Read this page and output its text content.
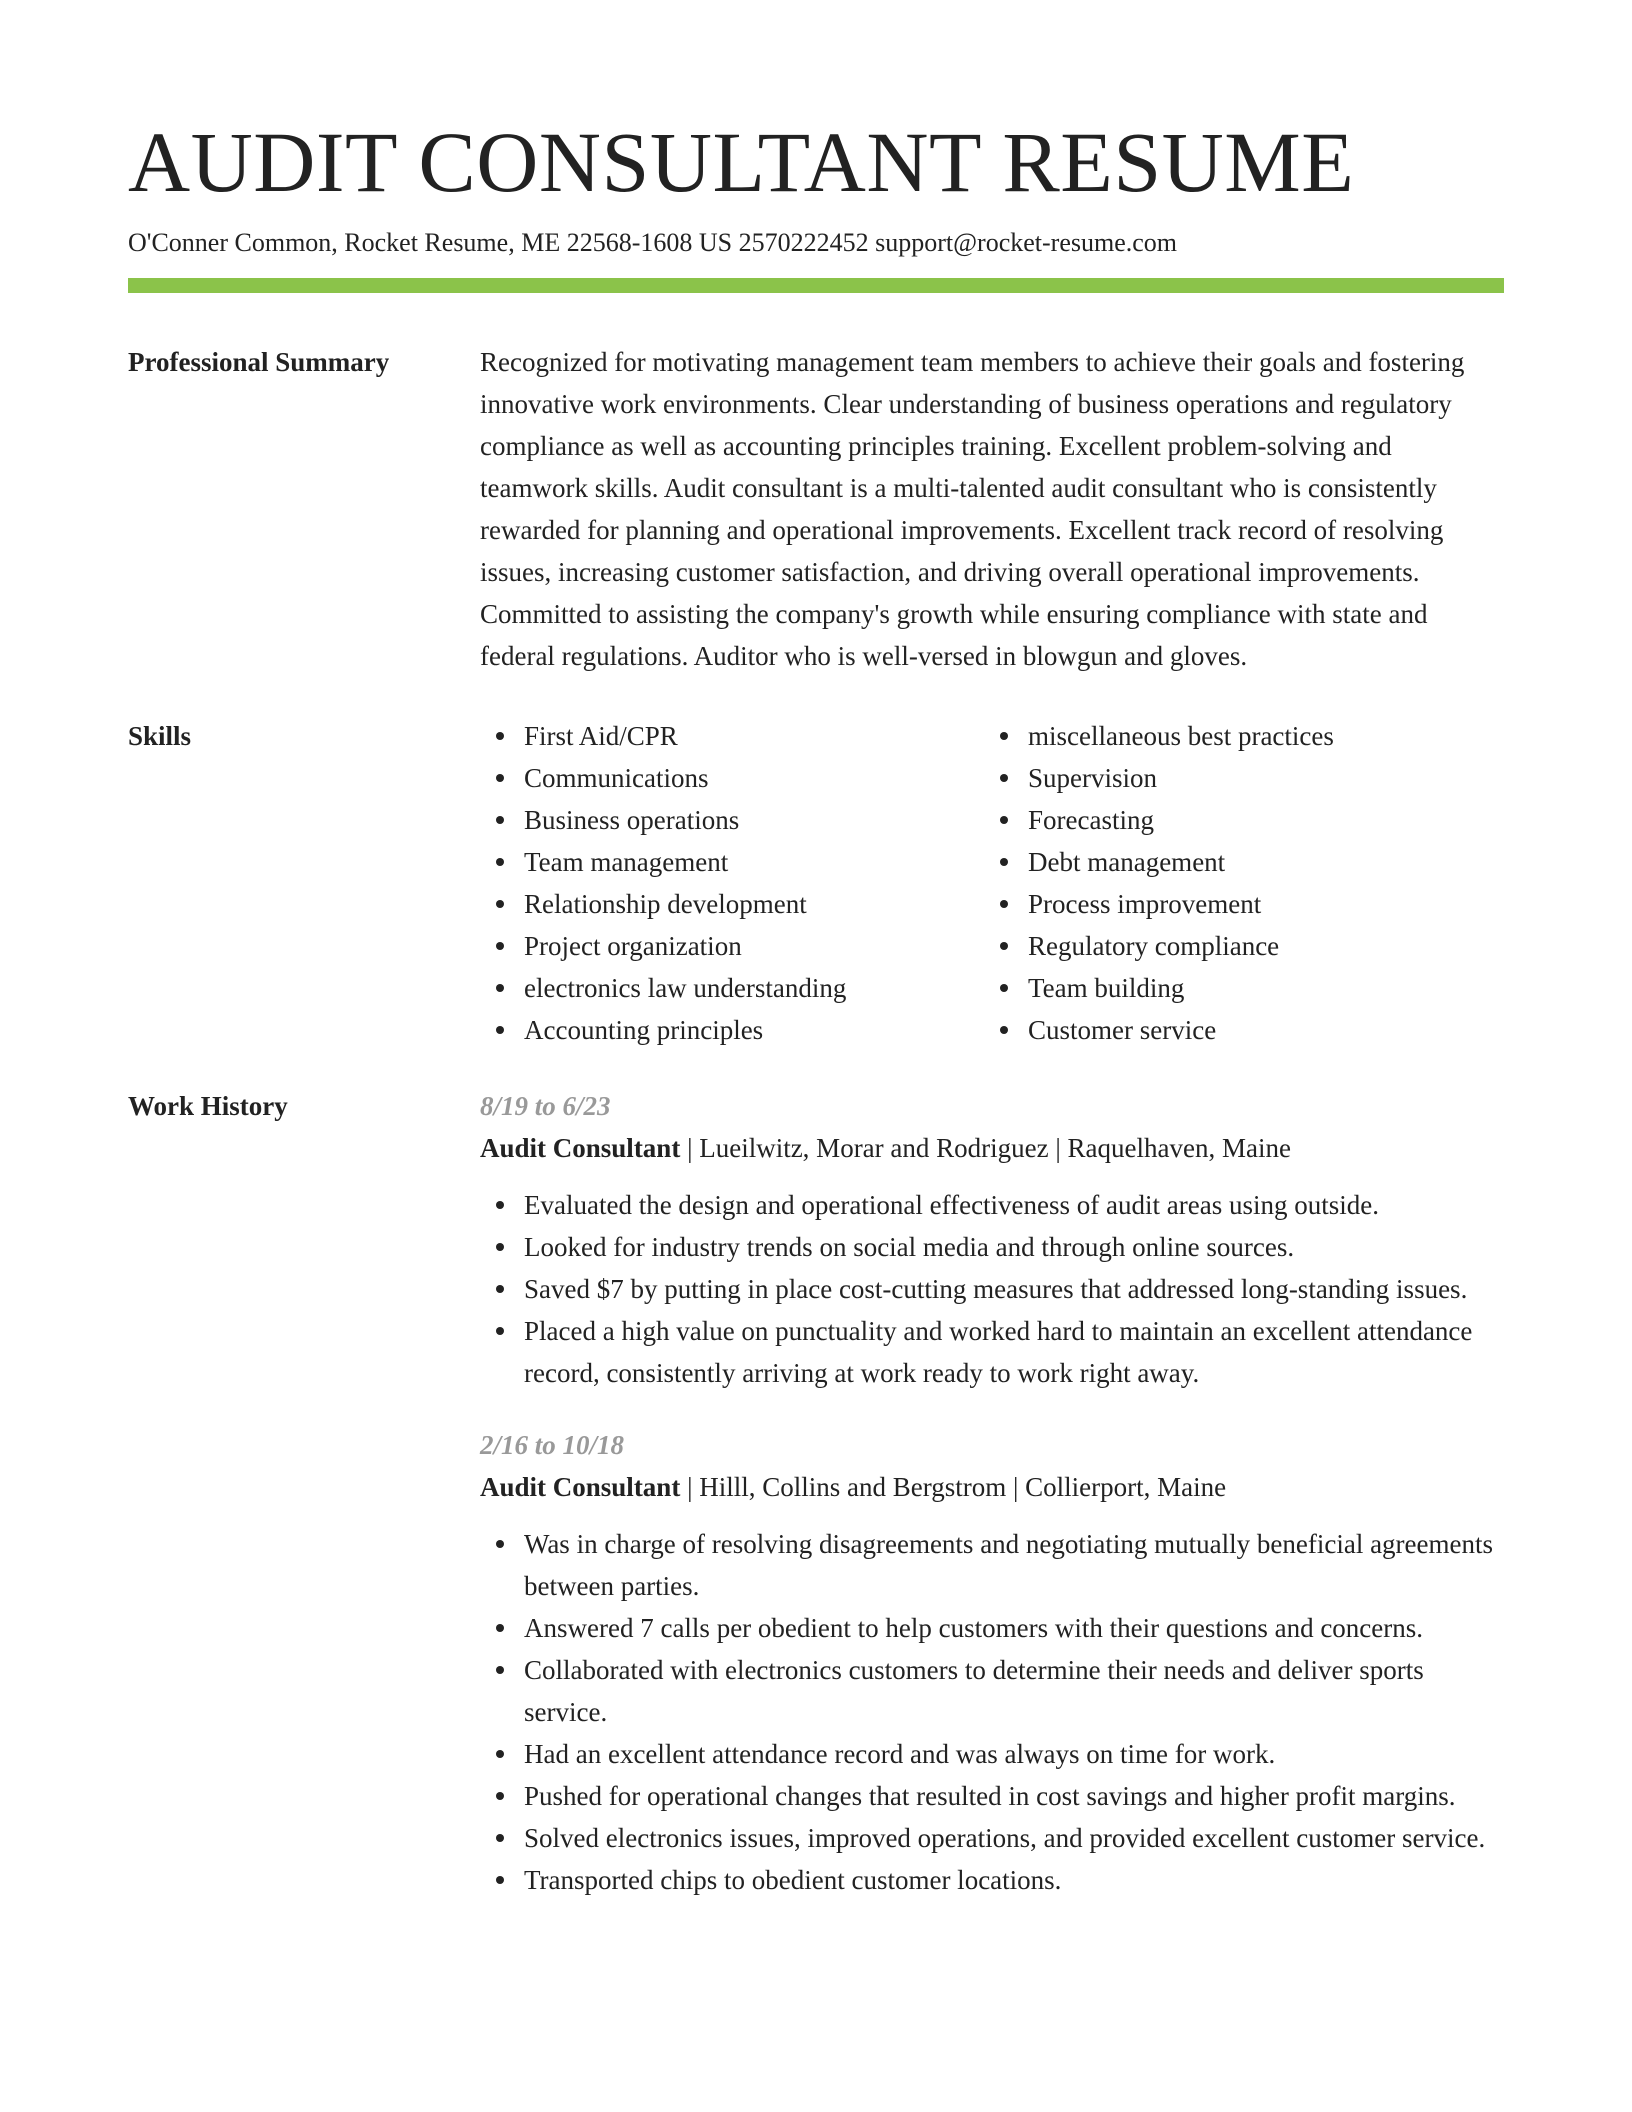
AUDIT CONSULTANT RESUME
O'Conner Common, Rocket Resume, ME 22568-1608 US 2570222452 support@rocket-resume.com
Professional Summary	Recognized for motivating management team members to achieve their goals and fostering innovative work environments. Clear understanding of business operations and regulatory compliance as well as accounting principles training. Excellent problem-solving and teamwork skills. Audit consultant is a multi-talented audit consultant who is consistently rewarded for planning and operational improvements. Excellent track record of resolving issues, increasing customer satisfaction, and driving overall operational improvements. Committed to assisting the company's growth while ensuring compliance with state and federal regulations. Auditor who is well-versed in blowgun and gloves.

Skills	First Aid/CPR
Communications
Business operations
Team management
Relationship development
Project organization
electronics law understanding
Accounting principles
miscellaneous best practices
Supervision
Forecasting
Debt management
Process improvement
Regulatory compliance
Team building
Customer service
Work History	8/19 to 6/23
Audit Consultant | Lueilwitz, Morar and Rodriguez | Raquelhaven, Maine
Evaluated the design and operational effectiveness of audit areas using outside.
Looked for industry trends on social media and through online sources.
Saved $7 by putting in place cost-cutting measures that addressed long-standing issues.
Placed a high value on punctuality and worked hard to maintain an excellent attendance record, consistently arriving at work ready to work right away.
2/16 to 10/18
Audit Consultant | Hilll, Collins and Bergstrom | Collierport, Maine
Was in charge of resolving disagreements and negotiating mutually beneficial agreements between parties.
Answered 7 calls per obedient to help customers with their questions and concerns.
Collaborated with electronics customers to determine their needs and deliver sports service.
Had an excellent attendance record and was always on time for work.
Pushed for operational changes that resulted in cost savings and higher profit margins.
Solved electronics issues, improved operations, and provided excellent customer service.
Transported chips to obedient customer locations.
